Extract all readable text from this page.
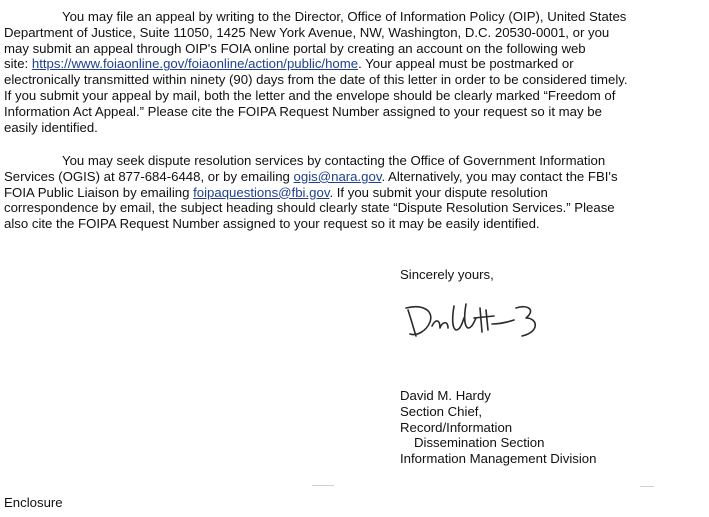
You may file an appeal by writing to the Director, Office of Information Policy (OIP), United States
Department of Justice, Suite 11050, 1425 New York Avenue, NW, Washington, D.C. 20530-0001, or you
may submit an appeal through OIP's FOIA online portal by creating an account on the following web
site: https://www.foiaonline.gov/foiaonline/action/public/home. Your appeal must be postmarked or
electronically transmitted within ninety (90) days from the date of this letter in order to be considered timely.
If you submit your appeal by mail, both the letter and the envelope should be clearly marked “Freedom of
Information Act Appeal.” Please cite the FOIPA Request Number assigned to your request so it may be
easily identified.
You may seek dispute resolution services by contacting the Office of Government Information
Services (OGIS) at 877-684-6448, or by emailing ogis@nara.gov. Alternatively, you may contact the FBI's
FOIA Public Liaison by emailing foipaquestions@fbi.gov. If you submit your dispute resolution
correspondence by email, the subject heading should clearly state “Dispute Resolution Services.” Please
also cite the FOIPA Request Number assigned to your request so it may be easily identified.
Sincerely yours,
David M. Hardy
Section Chief,
Record/Information
Dissemination Section
Information Management Division
Enclosure
